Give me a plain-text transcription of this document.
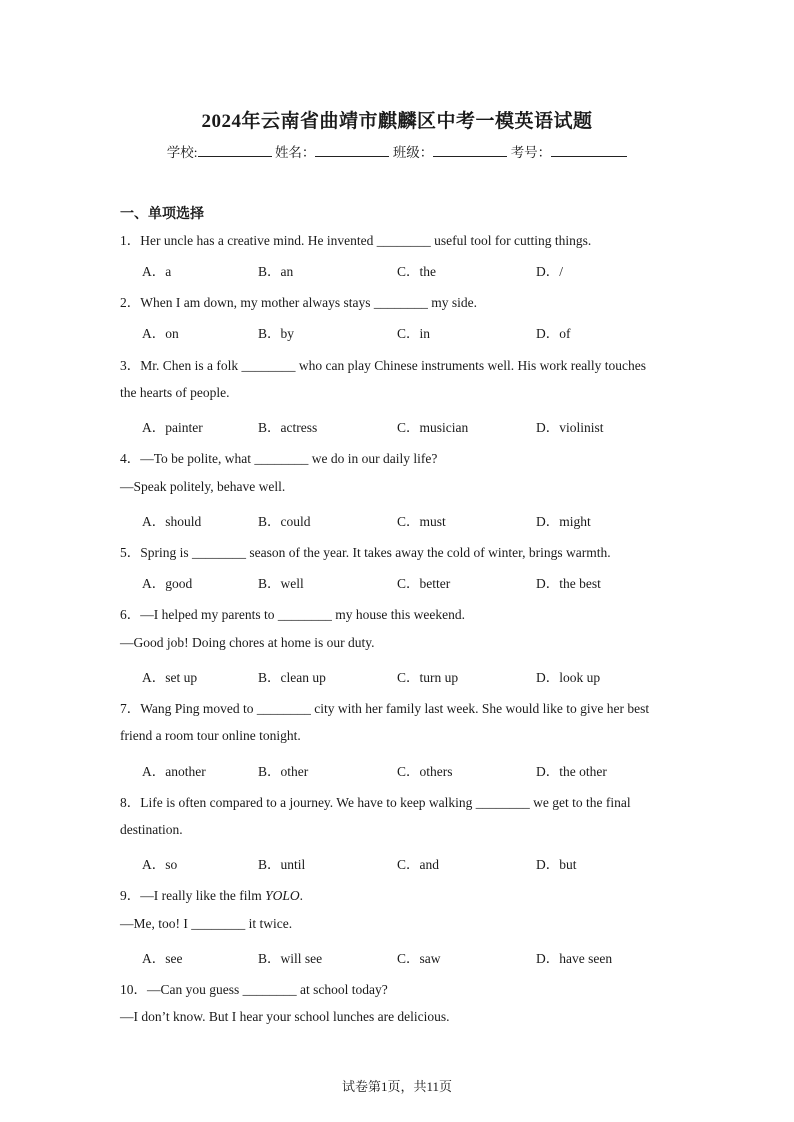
2024年云南省曲靖市麒麟区中考一模英语试题
学校:	姓名：	班级：	考号：
一、单项选择
1．Her uncle has a creative mind. He invented ________ useful tool for cutting things.
A．a	B．an	C．the	D．/
2．When I am down, my mother always stays ________ my side.
A．on	B．by	C．in	D．of
3．Mr. Chen is a folk ________ who can play Chinese instruments well. His work really touches
the hearts of people.
A．painter	B．actress	C．musician	D．violinist
4．—To be polite, what ________ we do in our daily life?
—Speak politely, behave well.
A．should	B．could	C．must	D．might
5．Spring is ________ season of the year. It takes away the cold of winter, brings warmth.
A．good	B．well	C．better	D．the best
6．—I helped my parents to ________ my house this weekend.
—Good job! Doing chores at home is our duty.
A．set up	B．clean up	C．turn up	D．look up
7．Wang Ping moved to ________ city with her family last week. She would like to give her best
friend a room tour online tonight.
A．another	B．other	C．others	D．the other
8．Life is often compared to a journey. We have to keep walking ________ we get to the final
destination.
A．so	B．until	C．and	D．but
9．—I really like the film YOLO.
—Me, too! I ________ it twice.
A．see	B．will see	C．saw	D．have seen
10．—Can you guess ________ at school today?
—I don’t know. But I hear your school lunches are delicious.
试卷第1页，共11页
